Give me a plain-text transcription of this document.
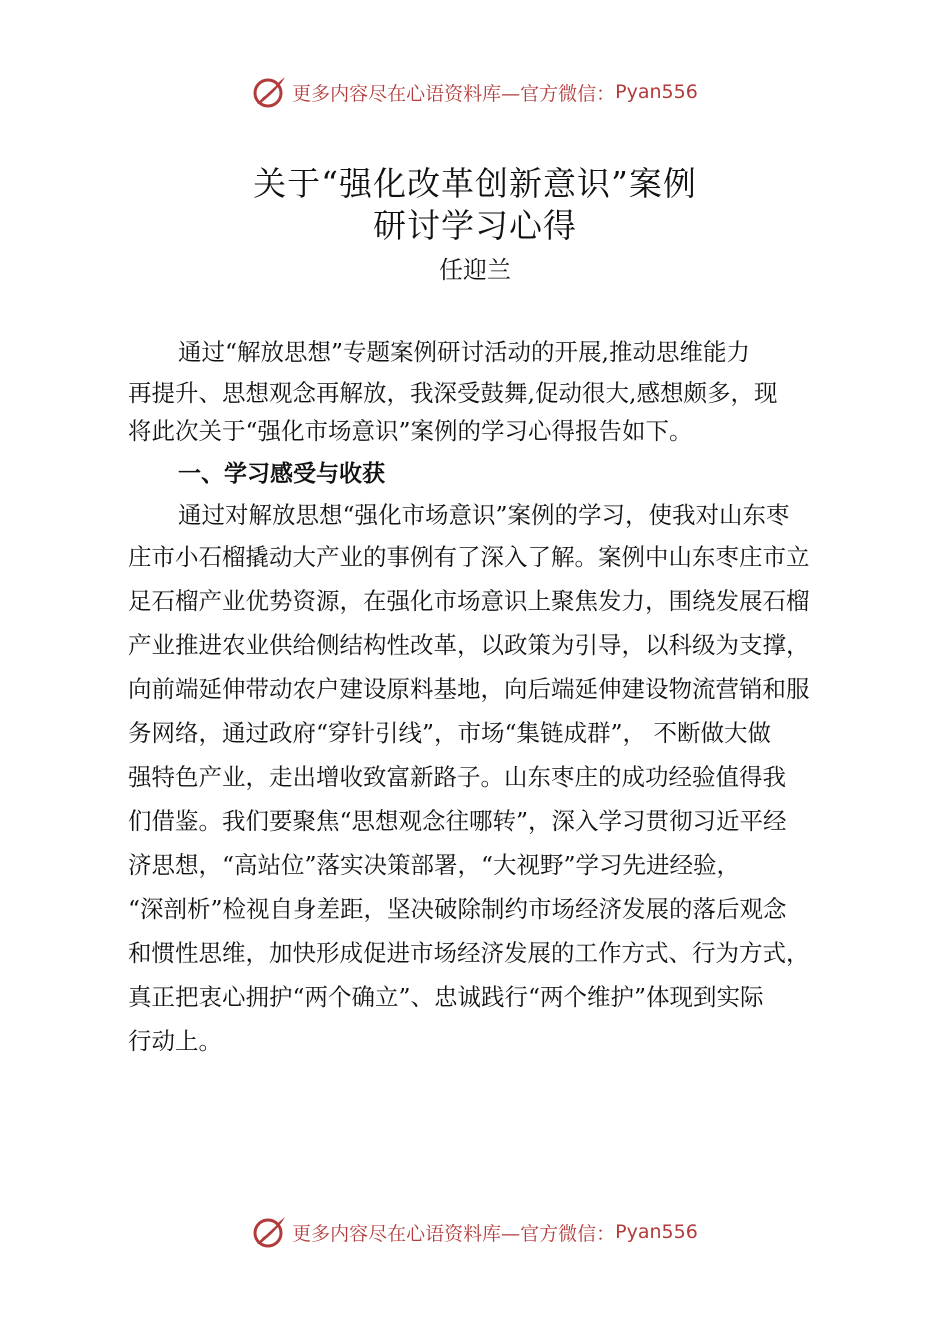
更多内容尽在心语资料库—官方微信： Pyan556
关于“强化改革创新意识”案例
研讨学习心得
任迎兰
通过“解放思想”专题案例研讨活动的开展,推动思维能力
再提升、思想观念再解放，我深受鼓舞,促动很大,感想颇多，现
将此次关于“强化市场意识”案例的学习心得报告如下。
一、学习感受与收获
通过对解放思想“强化市场意识”案例的学习，使我对山东枣
庄市小石榴撬动大产业的事例有了深入了解。案例中山东枣庄市立
足石榴产业优势资源，在强化市场意识上聚焦发力，围绕发展石榴
产业推进农业供给侧结构性改革，以政策为引导，以科级为支撑，
向前端延伸带动农户建设原料基地，向后端延伸建设物流营销和服
务网络，通过政府“穿针引线”，市场“集链成群”， 不断做大做
强特色产业，走出增收致富新路子。山东枣庄的成功经验值得我
们借鉴。我们要聚焦“思想观念往哪转”，深入学习贯彻习近平经
济思想，“高站位”落实决策部署，“大视野”学习先进经验，
“深剖析”检视自身差距，坚决破除制约市场经济发展的落后观念
和惯性思维，加快形成促进市场经济发展的工作方式、行为方式，
真正把衷心拥护“两个确立”、忠诚践行“两个维护”体现到实际
行动上。
更多内容尽在心语资料库—官方微信： Pyan556
